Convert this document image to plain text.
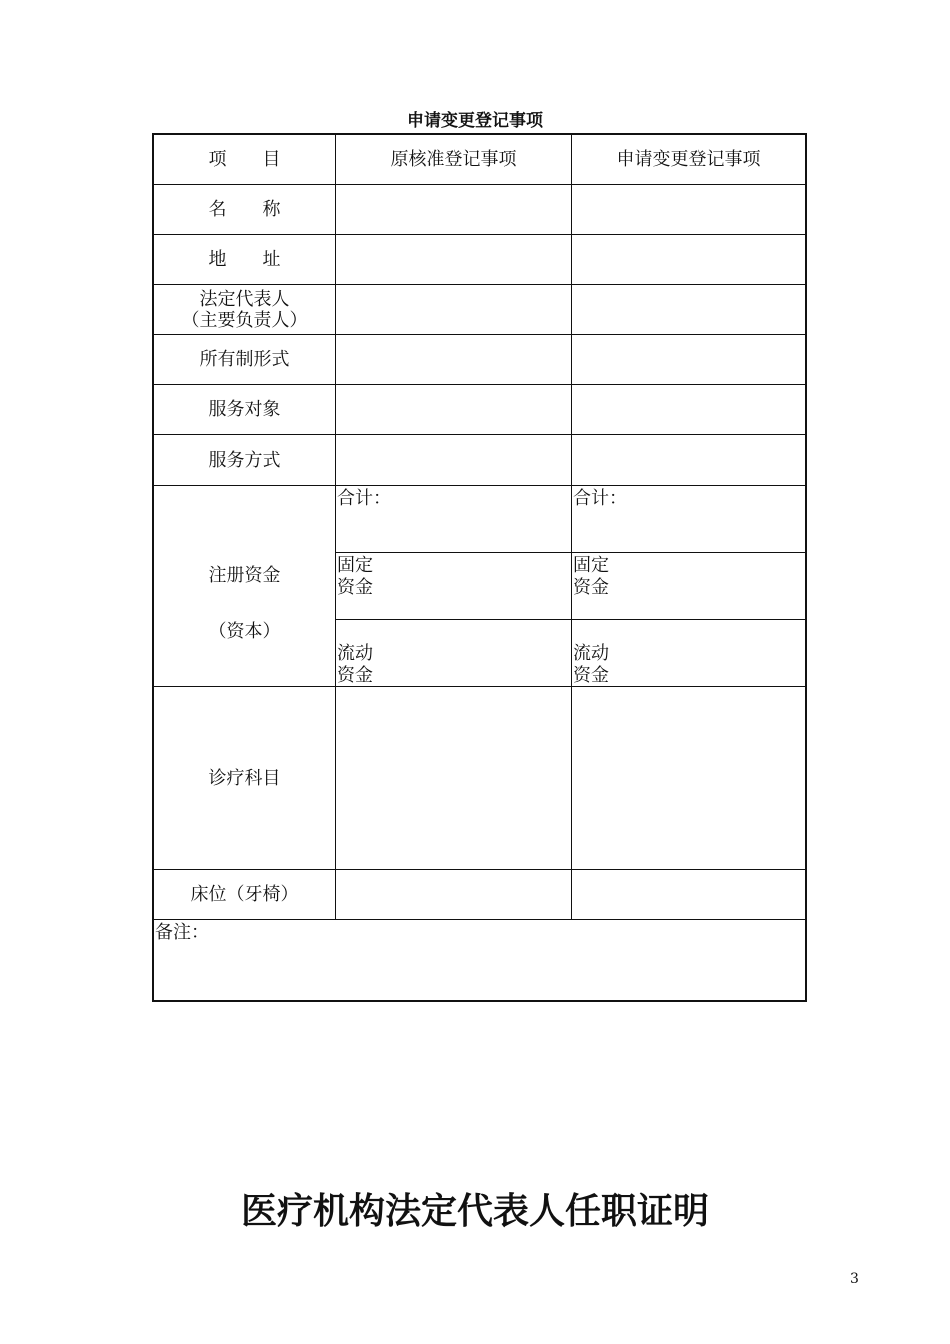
申请变更登记事项
项　　目	原核准登记事项	申请变更登记事项
名　　称
地　　址
法定代表人
（主要负责人）
所有制形式
服务对象
服务方式
注册资金
（资本）
诊疗科目
床位（牙椅）
合计：
固定
资金
流动
资金
合计：
固定
资金
流动
资金
备注：
医疗机构法定代表人任职证明
3
